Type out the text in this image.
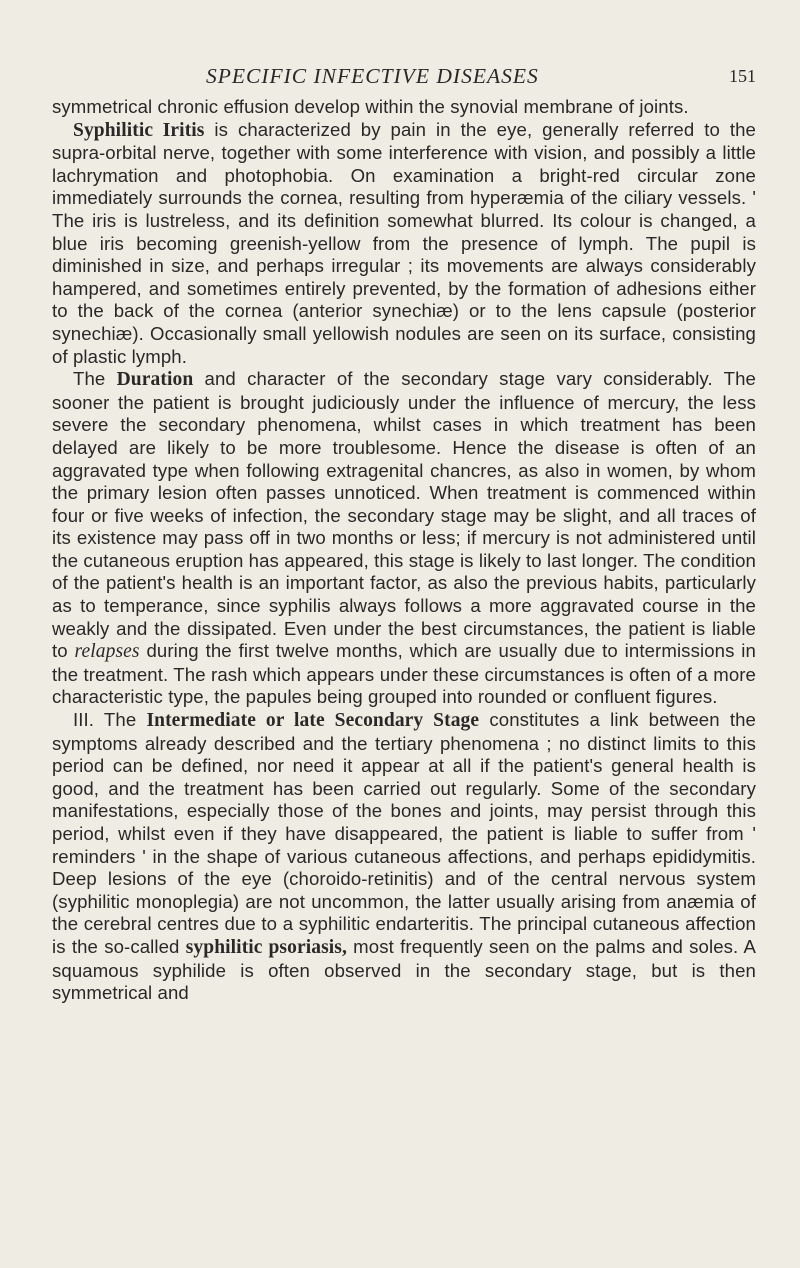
SPECIFIC INFECTIVE DISEASES	151

symmetrical chronic effusion develop within the synovial membrane of joints.

Syphilitic Iritis is characterized by pain in the eye, generally referred to the supra-orbital nerve, together with some interference with vision, and possibly a little lachrymation and photophobia. On examination a bright-red circular zone immediately surrounds the cornea, resulting from hyperæmia of the ciliary vessels. ' The iris is lustreless, and its definition somewhat blurred. Its colour is changed, a blue iris becoming greenish-yellow from the presence of lymph. The pupil is diminished in size, and perhaps irregular ; its movements are always considerably hampered, and sometimes entirely prevented, by the formation of adhesions either to the back of the cornea (anterior synechiæ) or to the lens capsule (posterior synechiæ). Occasionally small yellowish nodules are seen on its surface, consisting of plastic lymph.

The Duration and character of the secondary stage vary considerably. The sooner the patient is brought judiciously under the influence of mercury, the less severe the secondary phenomena, whilst cases in which treatment has been delayed are likely to be more troublesome. Hence the disease is often of an aggravated type when following extragenital chancres, as also in women, by whom the primary lesion often passes unnoticed. When treatment is commenced within four or five weeks of infection, the secondary stage may be slight, and all traces of its existence may pass off in two months or less; if mercury is not administered until the cutaneous eruption has appeared, this stage is likely to last longer. The condition of the patient's health is an important factor, as also the previous habits, particularly as to temperance, since syphilis always follows a more aggravated course in the weakly and the dissipated. Even under the best circumstances, the patient is liable to relapses during the first twelve months, which are usually due to intermissions in the treatment. The rash which appears under these circumstances is often of a more characteristic type, the papules being grouped into rounded or confluent figures.

III. The Intermediate or late Secondary Stage constitutes a link between the symptoms already described and the tertiary phenomena ; no distinct limits to this period can be defined, nor need it appear at all if the patient's general health is good, and the treatment has been carried out regularly. Some of the secondary manifestations, especially those of the bones and joints, may persist through this period, whilst even if they have disappeared, the patient is liable to suffer from ' reminders ' in the shape of various cutaneous affections, and perhaps epididymitis. Deep lesions of the eye (choroido-retinitis) and of the central nervous system (syphilitic monoplegia) are not uncommon, the latter usually arising from anæmia of the cerebral centres due to a syphilitic endarteritis. The principal cutaneous affection is the so-called syphilitic psoriasis, most frequently seen on the palms and soles. A squamous syphilide is often observed in the secondary stage, but is then symmetrical and
